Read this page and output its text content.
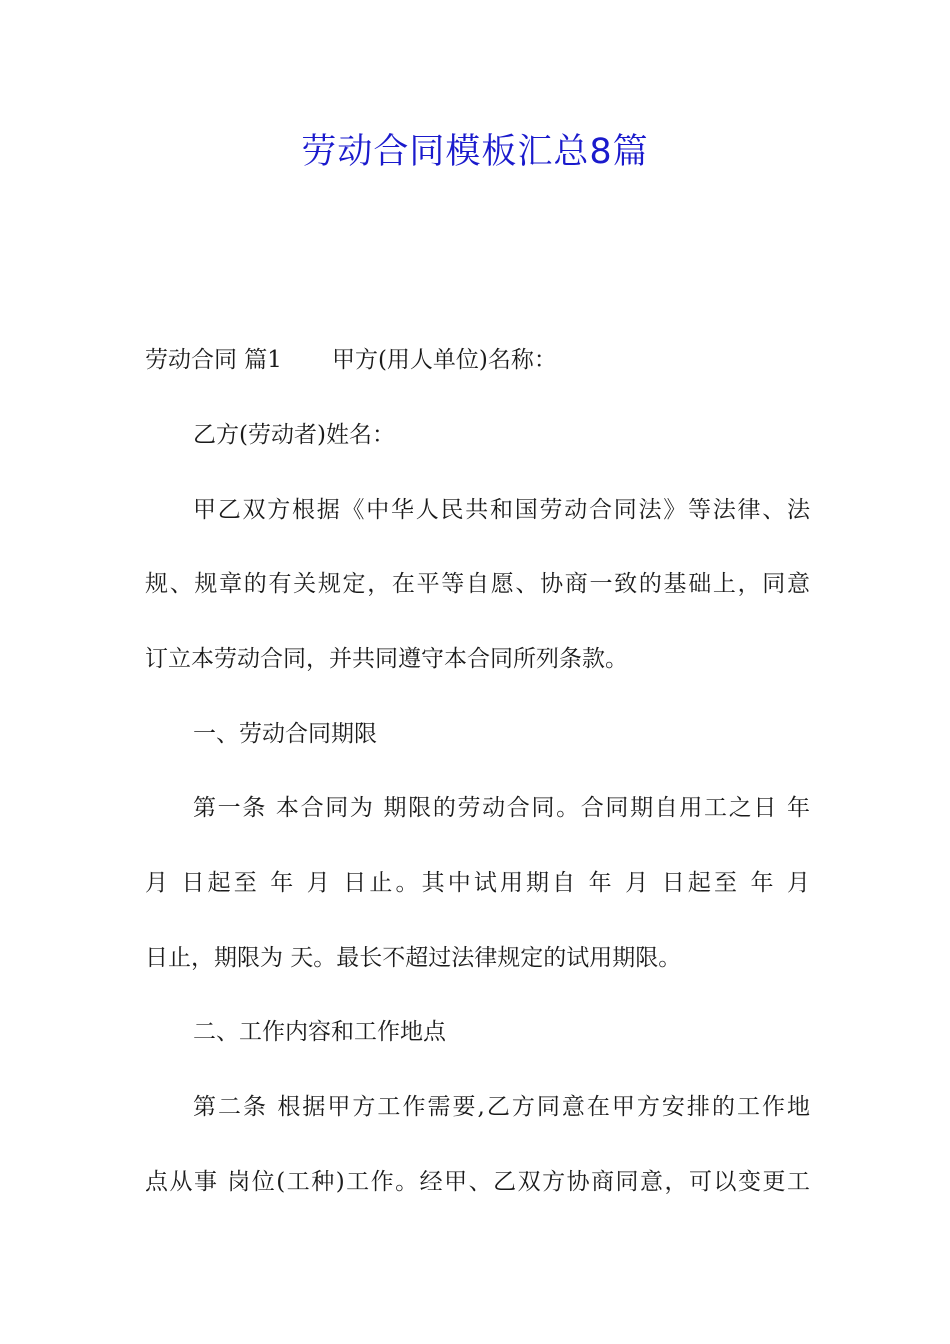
劳动合同模板汇总8篇
劳动合同 篇1 甲方(用人单位)名称：
乙方(劳动者)姓名：
甲乙双方根据《中华人民共和国劳动合同法》等法律、法
规、规章的有关规定，在平等自愿、协商一致的基础上，同意
订立本劳动合同，并共同遵守本合同所列条款。
一、劳动合同期限
第一条 本合同为 期限的劳动合同。合同期自用工之日 年
月 日起至 年 月 日止。其中试用期自 年 月 日起至 年 月
日止，期限为 天。最长不超过法律规定的试用期限。
二、工作内容和工作地点
第二条 根据甲方工作需要,乙方同意在甲方安排的工作地
点从事 岗位(工种)工作。经甲、乙双方协商同意，可以变更工
